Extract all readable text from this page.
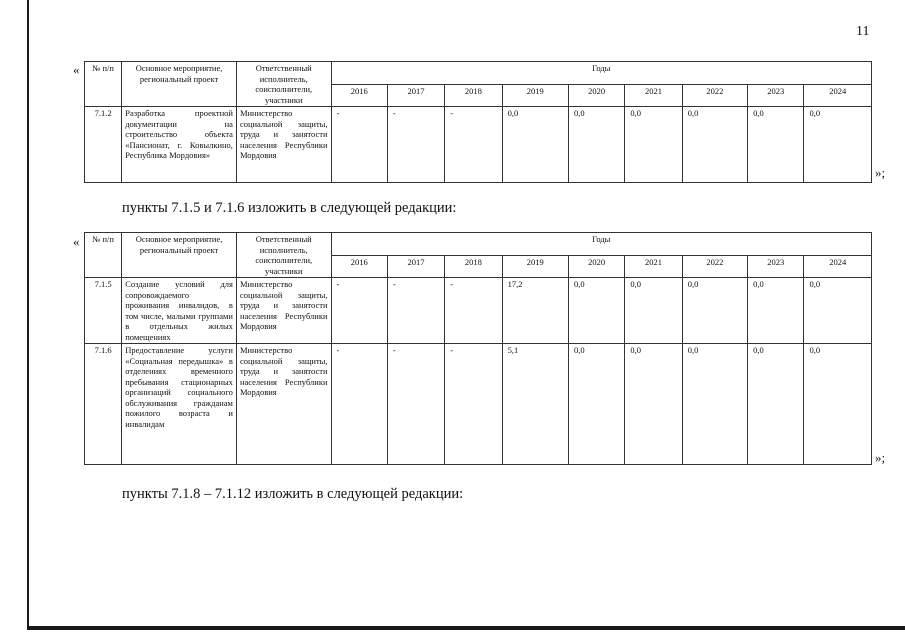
11
« № п/п	Основное мероприятие, региональный проект	Ответственный исполнитель, соисполнители, участники	Годы								
			2016	2017	2018	2019	2020	2021	2022	2023	2024
7.1.2	Разработка проектной документации на строительство объекта «Пансионат, г. Ковылкино, Республика Мордовия»	Министерство социальной защиты, труда и занятости населения Республики Мордовия	-	-	-	0,0	0,0	0,0	0,0	0,0	0,0
»;
пункты 7.1.5 и 7.1.6 изложить в следующей редакции:
« № п/п	Основное мероприятие, региональный проект	Ответственный исполнитель, соисполнители, участники	Годы								
			2016	2017	2018	2019	2020	2021	2022	2023	2024
7.1.5	Создание условий для сопровождаемого проживания инвалидов, в том числе, малыми группами в отдельных жилых помещениях	Министерство социальной защиты, труда и занятости населения Республики Мордовия	-	-	-	17,2	0,0	0,0	0,0	0,0	0,0
7.1.6	Предоставление услуги «Социальная передышка» в отделениях временного пребывания стационарных организаций социального обслуживания гражданам пожилого возраста и инвалидам	Министерство социальной защиты, труда и занятости населения Республики Мордовия	-	-	-	5,1	0,0	0,0	0,0	0,0	0,0
»;
пункты 7.1.8 – 7.1.12 изложить в следующей редакции:
